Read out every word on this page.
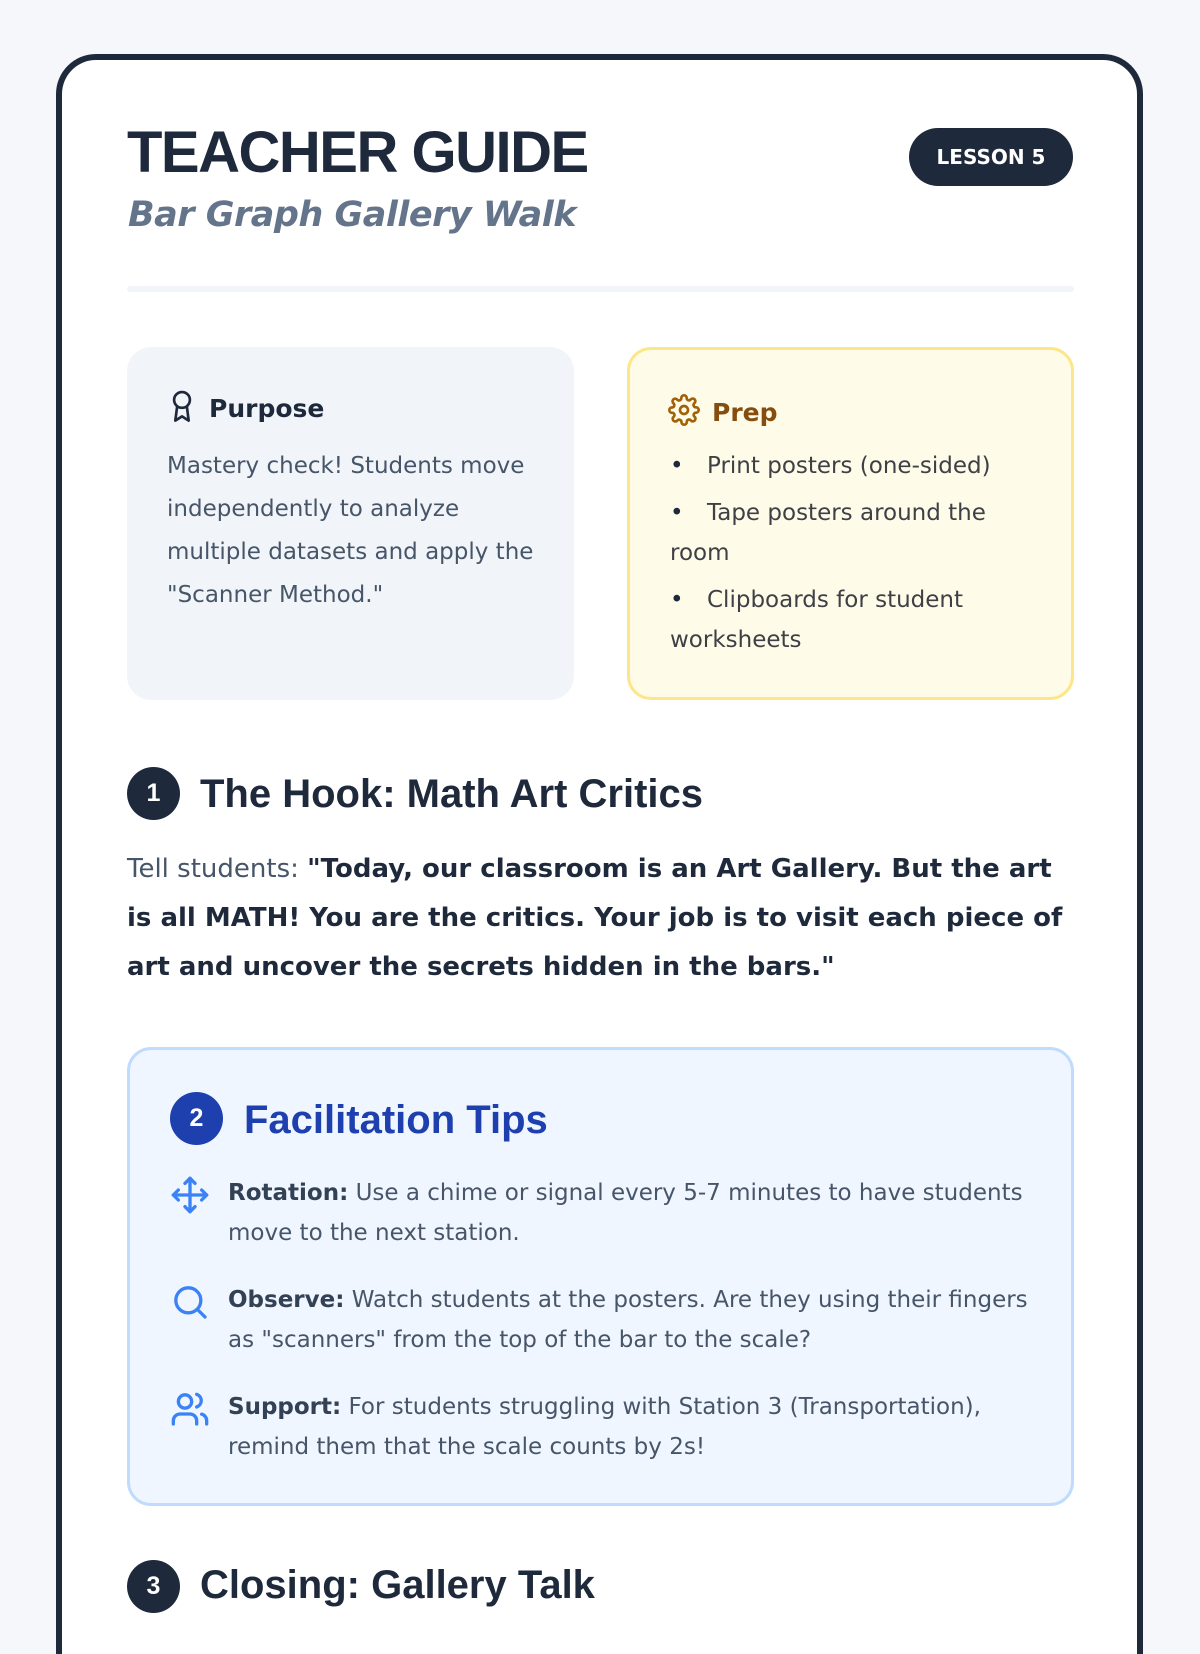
TEACHER GUIDE
Bar Graph Gallery Walk
LESSON 5
Purpose

Mastery check! Students move independently to analyze multiple datasets and apply the "Scanner Method."

Prep
• Print posters (one-sided)
• Tape posters around the room
• Clipboards for student worksheets
1 The Hook: Math Art Critics

Tell students: "Today, our classroom is an Art Gallery. But the art is all MATH! You are the critics. Your job is to visit each piece of art and uncover the secrets hidden in the bars."

2	Facilitation Tips

Rotation: Use a chime or signal every 5-7 minutes to have students move to the next station.

Observe: Watch students at the posters. Are they using their fingers as "scanners" from the top of the bar to the scale?

Support: For students struggling with Station 3 (Transportation), remind them that the scale counts by 2s!

3 Closing: Gallery Talk
